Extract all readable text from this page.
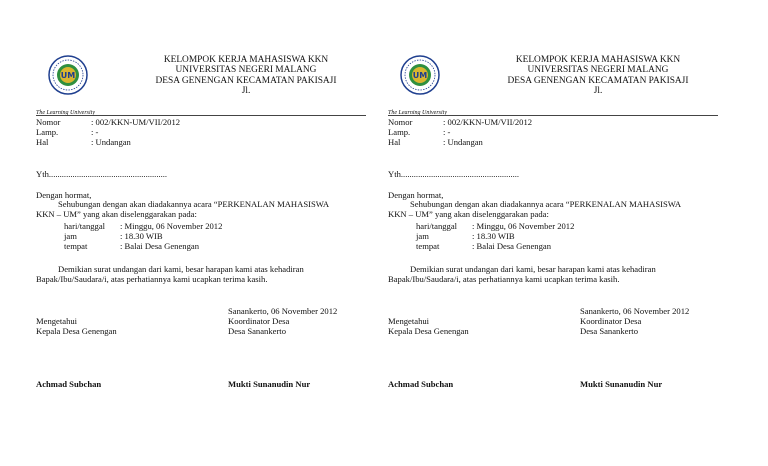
UM
KELOMPOK KERJA MAHASISWA KKN
UNIVERSITAS NEGERI MALANG
DESA GENENGAN KECAMATAN PAKISAJI
Jl.
The Learning University
Nomor	: 002/KKN-UM/VII/2012
Lamp.	: -
Hal	: Undangan
Yth.......................................................
Dengan hormat,
Sehubungan dengan akan diadakannya acara “PERKENALAN MAHASISWA
KKN – UM” yang akan diselenggarakan pada:
hari/tanggal : Minggu, 06 November 2012
jam	: 18.30 WIB
tempat	: Balai Desa Genengan
Demikian surat undangan dari kami, besar harapan kami atas kehadiran
Bapak/Ibu/Saudara/i, atas perhatiannya kami ucapkan terima kasih.
Sanankerto, 06 November 2012
Koordinator Desa
Desa Sanankerto
Mengetahui
Kepala Desa Genengan
Achmad Subchan	Mukti Sunanudin Nur
UM
KELOMPOK KERJA MAHASISWA KKN
UNIVERSITAS NEGERI MALANG
DESA GENENGAN KECAMATAN PAKISAJI
Jl.
The Learning University
Nomor	: 002/KKN-UM/VII/2012
Lamp.	: -
Hal	: Undangan
Yth.......................................................
Dengan hormat,
Sehubungan dengan akan diadakannya acara “PERKENALAN MAHASISWA
KKN – UM” yang akan diselenggarakan pada:
hari/tanggal : Minggu, 06 November 2012
jam	: 18.30 WIB
tempat	: Balai Desa Genengan
Demikian surat undangan dari kami, besar harapan kami atas kehadiran
Bapak/Ibu/Saudara/i, atas perhatiannya kami ucapkan terima kasih.
Sanankerto, 06 November 2012
Koordinator Desa
Desa Sanankerto
Mengetahui
Kepala Desa Genengan
Achmad Subchan	Mukti Sunanudin Nur
